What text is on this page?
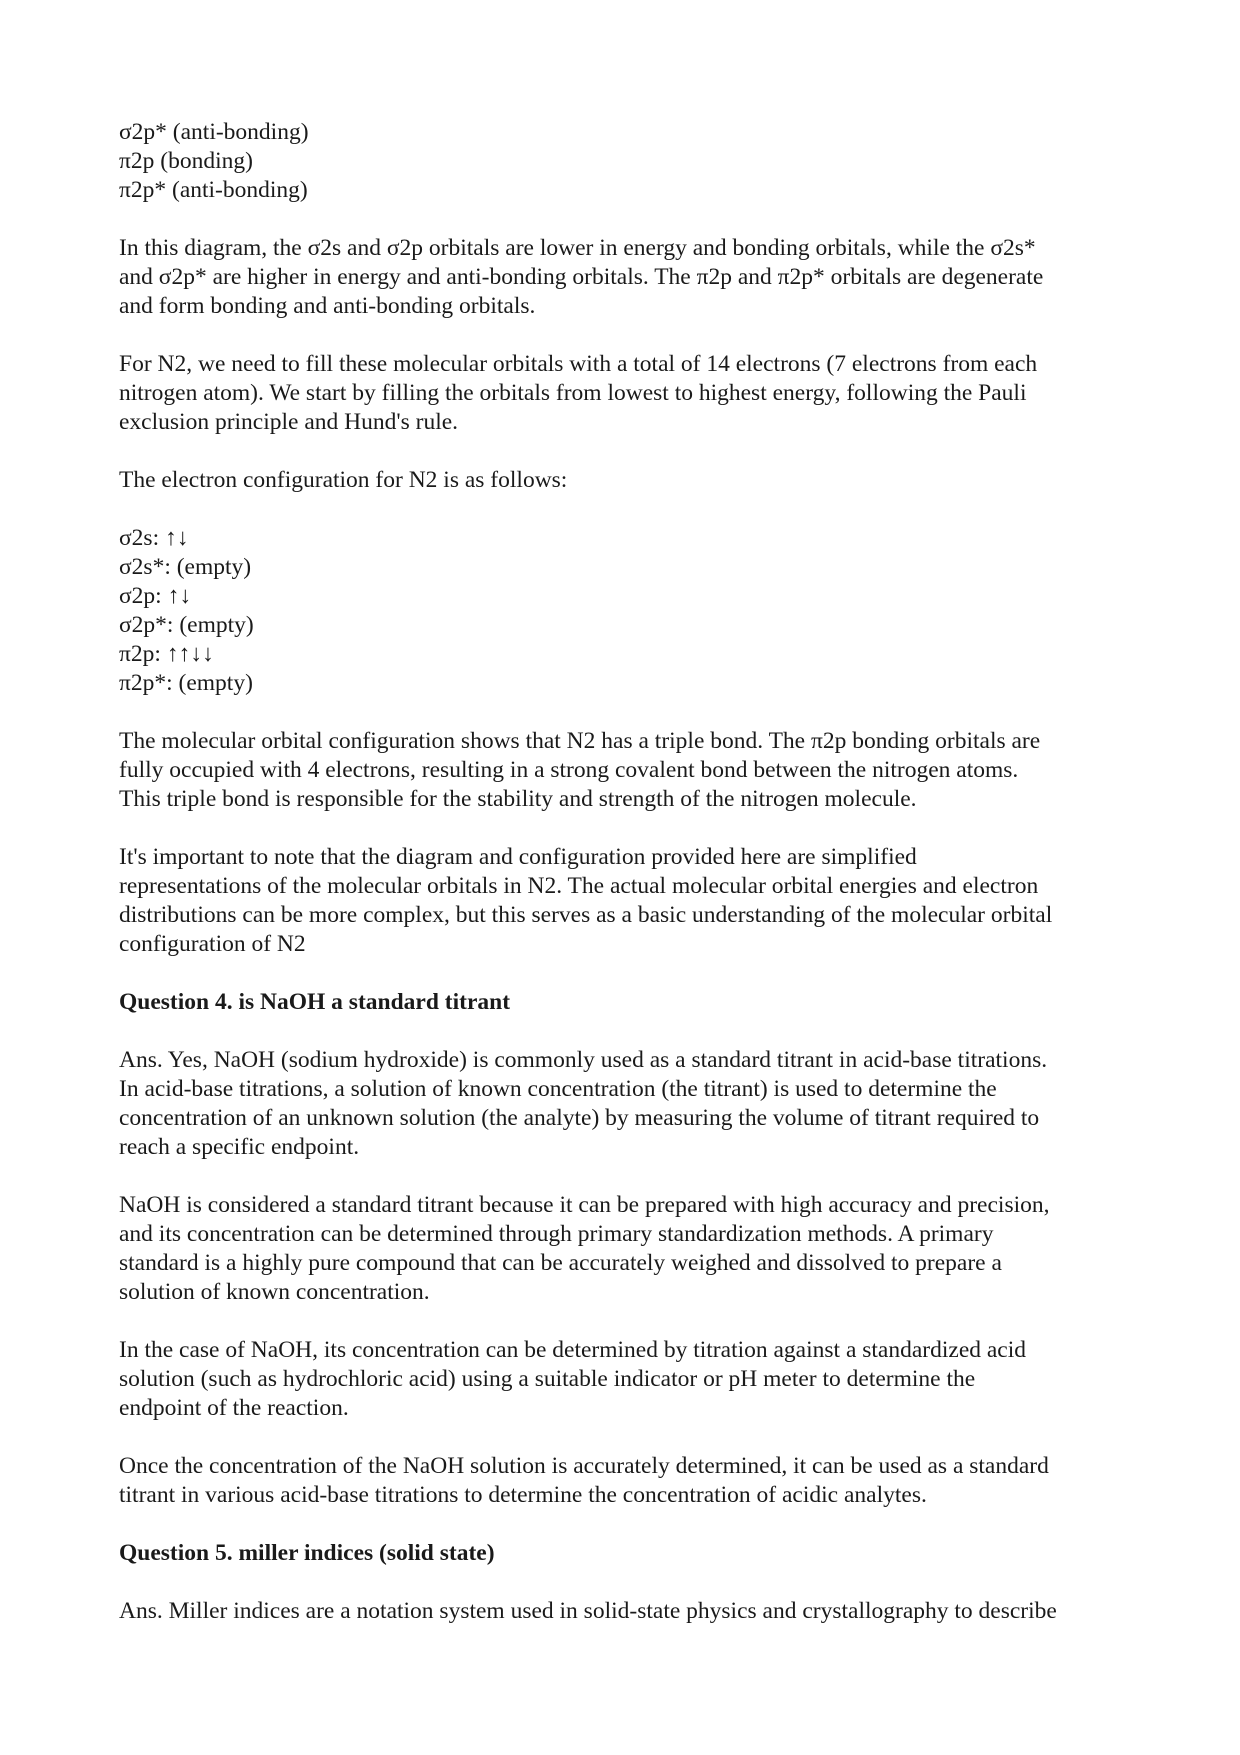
σ2p* (anti-bonding)
π2p (bonding)
π2p* (anti-bonding)
In this diagram, the σ2s and σ2p orbitals are lower in energy and bonding orbitals, while the σ2s*
and σ2p* are higher in energy and anti-bonding orbitals. The π2p and π2p* orbitals are degenerate
and form bonding and anti-bonding orbitals.
For N2, we need to fill these molecular orbitals with a total of 14 electrons (7 electrons from each
nitrogen atom). We start by filling the orbitals from lowest to highest energy, following the Pauli
exclusion principle and Hund's rule.
The electron configuration for N2 is as follows:
σ2s: ↑↓
σ2s*: (empty)
σ2p: ↑↓
σ2p*: (empty)
π2p: ↑↑↓↓
π2p*: (empty)
The molecular orbital configuration shows that N2 has a triple bond. The π2p bonding orbitals are
fully occupied with 4 electrons, resulting in a strong covalent bond between the nitrogen atoms.
This triple bond is responsible for the stability and strength of the nitrogen molecule.
It's important to note that the diagram and configuration provided here are simplified
representations of the molecular orbitals in N2. The actual molecular orbital energies and electron
distributions can be more complex, but this serves as a basic understanding of the molecular orbital
configuration of N2
Question 4. is NaOH a standard titrant
Ans. Yes, NaOH (sodium hydroxide) is commonly used as a standard titrant in acid-base titrations.
In acid-base titrations, a solution of known concentration (the titrant) is used to determine the
concentration of an unknown solution (the analyte) by measuring the volume of titrant required to
reach a specific endpoint.
NaOH is considered a standard titrant because it can be prepared with high accuracy and precision,
and its concentration can be determined through primary standardization methods. A primary
standard is a highly pure compound that can be accurately weighed and dissolved to prepare a
solution of known concentration.
In the case of NaOH, its concentration can be determined by titration against a standardized acid
solution (such as hydrochloric acid) using a suitable indicator or pH meter to determine the
endpoint of the reaction.
Once the concentration of the NaOH solution is accurately determined, it can be used as a standard
titrant in various acid-base titrations to determine the concentration of acidic analytes.
Question 5. miller indices (solid state)
Ans. Miller indices are a notation system used in solid-state physics and crystallography to describe
